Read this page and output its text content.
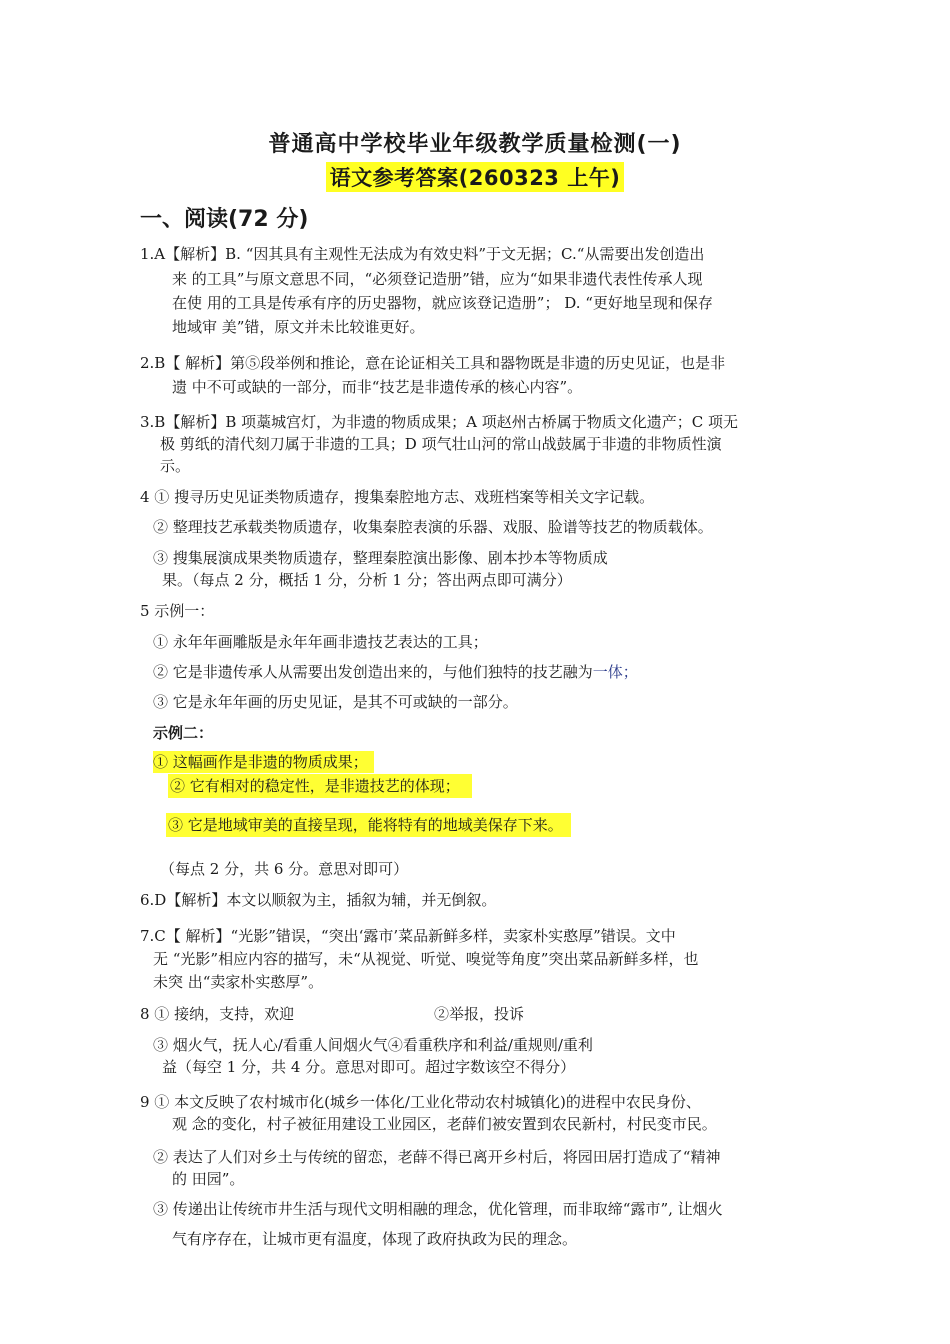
普通高中学校毕业年级教学质量检测(一)
语文参考答案(260323 上午)
一、阅读(72 分)
1.A【解析】B. “因其具有主观性无法成为有效史料”于文无据；C.“从需要出发创造出
来 的工具”与原文意思不同，“必须登记造册”错，应为“如果非遗代表性传承人现
在使 用的工具是传承有序的历史器物，就应该登记造册”； D. “更好地呈现和保存
地域审 美”错，原文并未比较谁更好。
2.B【 解析】第⑤段举例和推论，意在论证相关工具和器物既是非遗的历史见证，也是非
遗 中不可或缺的一部分，而非“技艺是非遗传承的核心内容”。
3.B【解析】B 项藁城宫灯，为非遗的物质成果；A 项赵州古桥属于物质文化遗产；C 项无
极 剪纸的清代刻刀属于非遗的工具；D 项气壮山河的常山战鼓属于非遗的非物质性演
示。
4 ① 搜寻历史见证类物质遗存，搜集秦腔地方志、戏班档案等相关文字记载。
② 整理技艺承载类物质遗存，收集秦腔表演的乐器、戏服、脸谱等技艺的物质载体。
③ 搜集展演成果类物质遗存，整理秦腔演出影像、剧本抄本等物质成
果。（每点 2 分，概括 1 分，分析 1 分；答出两点即可满分）
5 示例一：
① 永年年画雕版是永年年画非遗技艺表达的工具；
② 它是非遗传承人从需要出发创造出来的，与他们独特的技艺融为一体；
③ 它是永年年画的历史见证，是其不可或缺的一部分。
示例二：
① 这幅画作是非遗的物质成果；
② 它有相对的稳定性，是非遗技艺的体现；
③ 它是地域审美的直接呈现，能将特有的地域美保存下来。
（每点 2 分，共 6 分。意思对即可）
6.D【解析】本文以顺叙为主，插叙为辅，并无倒叙。
7.C【 解析】“光影”错误，“突出‘露市’菜品新鲜多样，卖家朴实憨厚”错误。文中
无 “光影”相应内容的描写，未“从视觉、听觉、嗅觉等角度”突出菜品新鲜多样，也
未突 出“卖家朴实憨厚”。
8 ① 接纳，支持，欢迎	②举报，投诉
③ 烟火气，抚人心/看重人间烟火气④看重秩序和利益/重规则/重利
益（每空 1 分，共 4 分。意思对即可。超过字数该空不得分）
9 ① 本文反映了农村城市化(城乡一体化/工业化带动农村城镇化)的进程中农民身份、
观 念的变化，村子被征用建设工业园区，老薛们被安置到农民新村，村民变市民。
② 表达了人们对乡土与传统的留恋，老薛不得已离开乡村后，将园田居打造成了“精神
的 田园”。
③ 传递出让传统市井生活与现代文明相融的理念，优化管理，而非取缔“露市”, 让烟火
气有序存在，让城市更有温度，体现了政府执政为民的理念。
